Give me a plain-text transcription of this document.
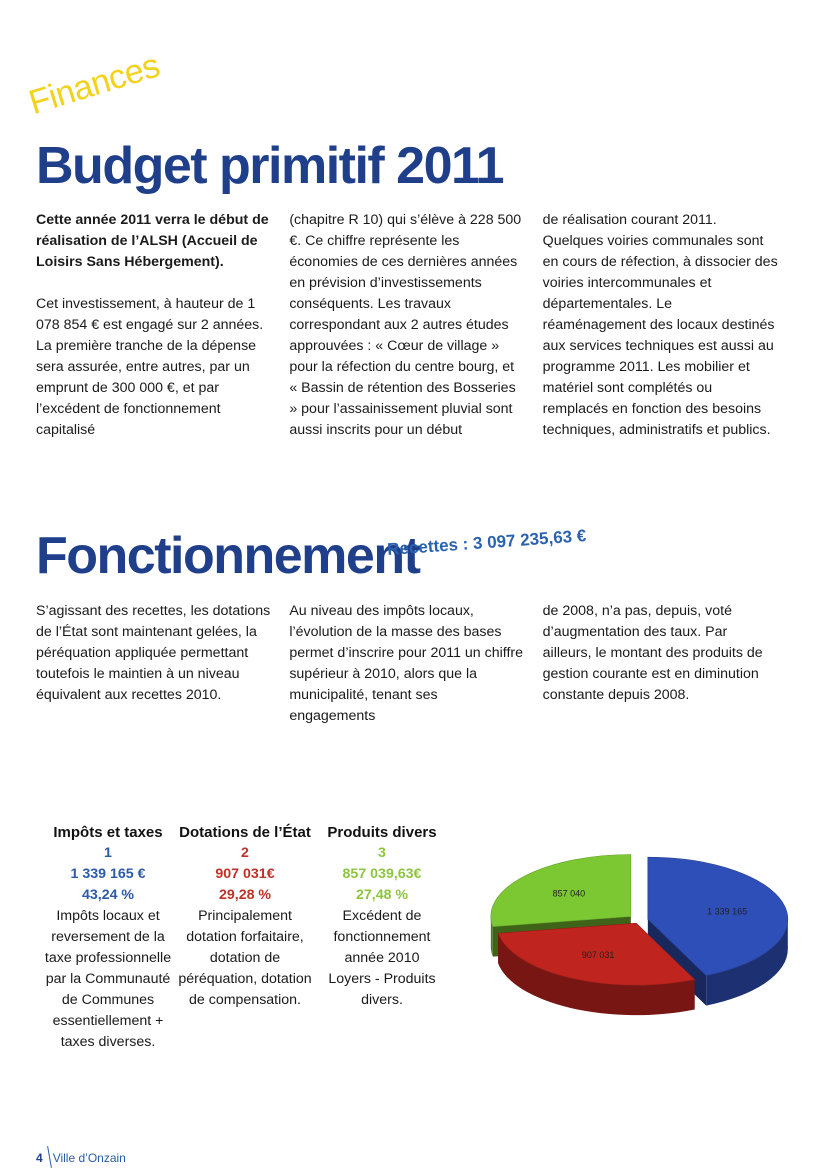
Finances
Budget primitif 2011

Cette année 2011 verra le début de réalisation de l’ALSH (Accueil de Loisirs Sans Hébergement).

Cet investissement, à hauteur de 1 078 854 € est engagé sur 2 années. La première tranche de la dépense sera assurée, entre autres, par un emprunt de 300 000 €, et par l’excédent de fonctionnement capitalisé

(chapitre R 10) qui s’élève à 228 500 €. Ce chiffre représente les économies de ces dernières années en prévision d’investissements conséquents. Les travaux correspondant aux 2 autres études approuvées : « Cœur de village » pour la réfection du centre bourg, et « Bassin de rétention des Bosseries » pour l’assainissement pluvial sont aussi inscrits pour un début

de réalisation courant 2011. Quelques voiries communales sont en cours de réfection, à dissocier des voiries intercommunales et départementales. Le réaménagement des locaux destinés aux services techniques est aussi au programme 2011. Les mobilier et matériel sont complétés ou remplacés en fonction des besoins techniques, administratifs et publics.

Fonctionnement
Recettes : 3 097 235,63 €

S’agissant des recettes, les dotations de l’État sont maintenant gelées, la péréquation appliquée permettant toutefois le maintien à un niveau équivalent aux recettes 2010.

Au niveau des impôts locaux, l’évolution de la masse des bases permet d’inscrire pour 2011 un chiffre supérieur à 2010, alors que la municipalité, tenant ses engagements

de 2008, n’a pas, depuis, voté d’augmentation des taux. Par ailleurs, le montant des produits de gestion courante est en diminution constante depuis 2008.

Impôts et taxes
1
1 339 165 €
43,24 %
Impôts locaux et reversement de la taxe professionnelle par la Communauté de Communes essentiellement + taxes diverses.
Dotations de l’État
2
907 031€
29,28 %
Principalement dotation forfaitaire, dotation de péréquation, dotation de compensation.
Produits divers
3
857 039,63€
27,48 %
Excédent de fonctionnement année 2010 Loyers - Produits divers.
1 339 165
907 031
857 040
4 Ville d’Onzain
